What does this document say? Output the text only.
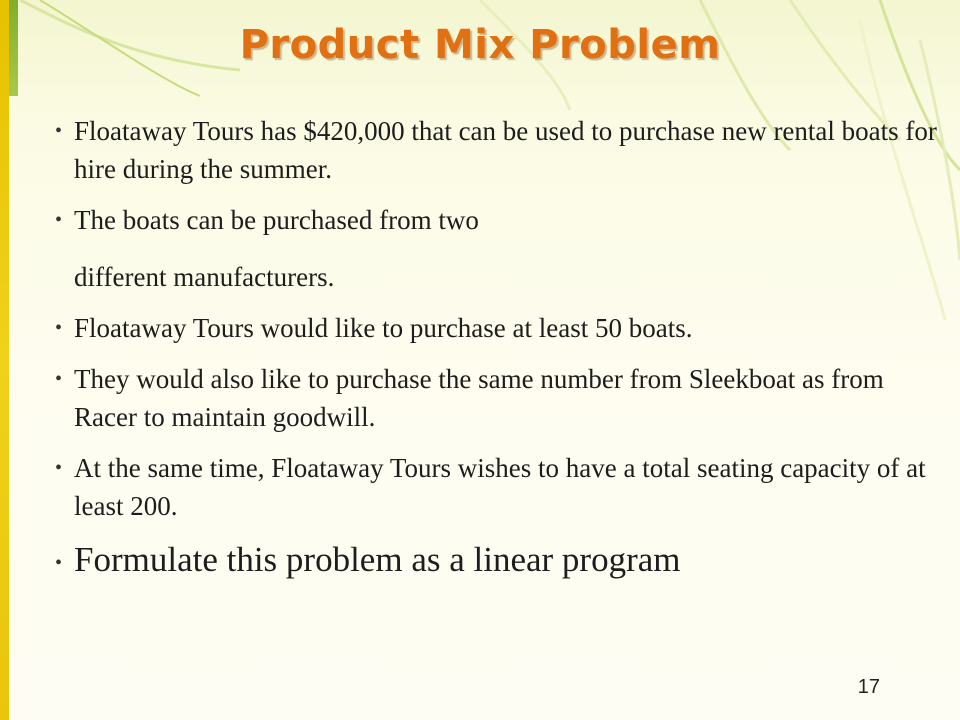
Product Mix Problem
• Floataway Tours has $420,000 that can be used to purchase new rental boats for hire during the summer.
• The boats can be purchased from two
different manufacturers.
• Floataway Tours would like to purchase at least 50 boats.
• They would also like to purchase the same number from Sleekboat as from Racer to maintain goodwill.
• At the same time, Floataway Tours wishes to have a total seating capacity of at least 200.
• Formulate this problem as a linear program
17
